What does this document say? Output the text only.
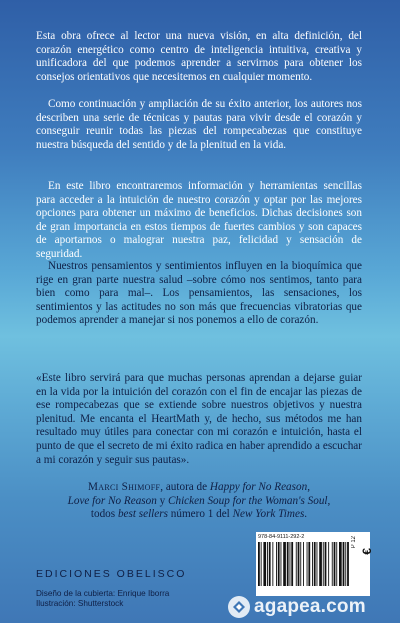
Esta obra ofrece al lector una nueva visión, en alta definición, del corazón energético como centro de inteligencia intuitiva, creativa y unificadora del que podemos aprender a servirnos para obtener los consejos orientativos que necesitemos en cualquier momento.

Como continuación y ampliación de su éxito anterior, los autores nos describen una serie de técnicas y pautas para vivir desde el corazón y conseguir reunir todas las piezas del rompecabezas que constituye nuestra búsqueda del sentido y de la plenitud en la vida.

En este libro encontraremos información y herramientas sencillas para acceder a la intuición de nuestro corazón y optar por las mejores opciones para obtener un máximo de beneficios. Dichas decisiones son de gran importancia en estos tiempos de fuertes cambios y son capaces de aportarnos o malograr nuestra paz, felicidad y sensación de seguridad.

Nuestros pensamientos y sentimientos influyen en la bioquímica que rige en gran parte nuestra salud –sobre cómo nos sentimos, tanto para bien como para mal–. Los pensamientos, las sensaciones, los sentimientos y las actitudes no son más que frecuencias vibratorias que podemos aprender a manejar si nos ponemos a ello de corazón.

«Este libro servirá para que muchas personas aprendan a dejarse guiar en la vida por la intuición del corazón con el fin de encajar las piezas de ese rompecabezas que se extiende sobre nuestros objetivos y nuestra plenitud. Me encanta el HeartMath y, de hecho, sus métodos me han resultado muy útiles para conectar con mi corazón e intuición, hasta el punto de que el secreto de mi éxito radica en haber aprendido a escuchar a mi corazón y seguir sus pautas».

Marci Shimoff, autora de Happy for No Reason,
Love for No Reason y Chicken Soup for the Woman's Soul,
todos best sellers número 1 del New York Times.
EDICIONES OBELISCO
Diseño de la cubierta: Enrique Iborra
Ilustración: Shutterstock
978-84-9111-292-2	P 12
€
agapea.com
